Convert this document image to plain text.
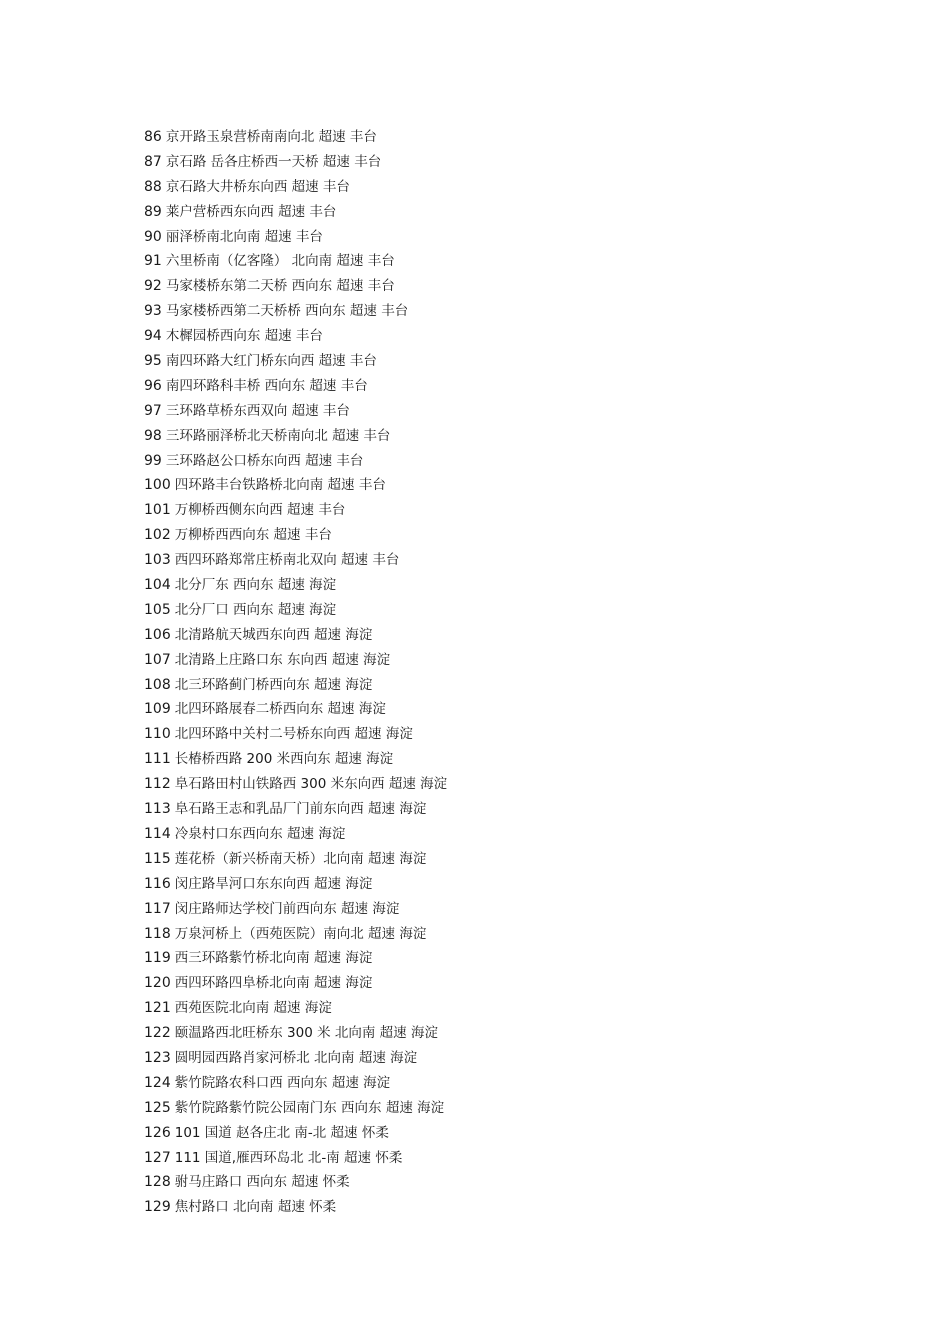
86 京开路玉泉营桥南南向北 超速 丰台
87 京石路 岳各庄桥西一天桥 超速 丰台
88 京石路大井桥东向西 超速 丰台
89 莱户营桥西东向西 超速 丰台
90 丽泽桥南北向南 超速 丰台
91 六里桥南（亿客隆） 北向南 超速 丰台
92 马家楼桥东第二天桥 西向东 超速 丰台
93 马家楼桥西第二天桥桥 西向东 超速 丰台
94 木樨园桥西向东 超速 丰台
95 南四环路大红门桥东向西 超速 丰台
96 南四环路科丰桥 西向东 超速 丰台
97 三环路草桥东西双向 超速 丰台
98 三环路丽泽桥北天桥南向北 超速 丰台
99 三环路赵公口桥东向西 超速 丰台
100 四环路丰台铁路桥北向南 超速 丰台
101 万柳桥西侧东向西 超速 丰台
102 万柳桥西西向东 超速 丰台
103 西四环路郑常庄桥南北双向 超速 丰台
104 北分厂东 西向东 超速 海淀
105 北分厂口 西向东 超速 海淀
106 北清路航天城西东向西 超速 海淀
107 北清路上庄路口东 东向西 超速 海淀
108 北三环路蓟门桥西向东 超速 海淀
109 北四环路展春二桥西向东 超速 海淀
110 北四环路中关村二号桥东向西 超速 海淀
111 长椿桥西路 200 米西向东 超速 海淀
112 阜石路田村山铁路西 300 米东向西 超速 海淀
113 阜石路王志和乳品厂门前东向西 超速 海淀
114 冷泉村口东西向东 超速 海淀
115 莲花桥（新兴桥南天桥）北向南 超速 海淀
116 闵庄路旱河口东东向西 超速 海淀
117 闵庄路师达学校门前西向东 超速 海淀
118 万泉河桥上（西苑医院）南向北 超速 海淀
119 西三环路紫竹桥北向南 超速 海淀
120 西四环路四阜桥北向南 超速 海淀
121 西苑医院北向南 超速 海淀
122 颐温路西北旺桥东 300 米 北向南 超速 海淀
123 圆明园西路肖家河桥北 北向南 超速 海淀
124 紫竹院路农科口西 西向东 超速 海淀
125 紫竹院路紫竹院公园南门东 西向东 超速 海淀
126 101 国道 赵各庄北 南-北 超速 怀柔
127 111 国道,雁西环岛北 北-南 超速 怀柔
128 驸马庄路口 西向东 超速 怀柔
129 焦村路口 北向南 超速 怀柔
